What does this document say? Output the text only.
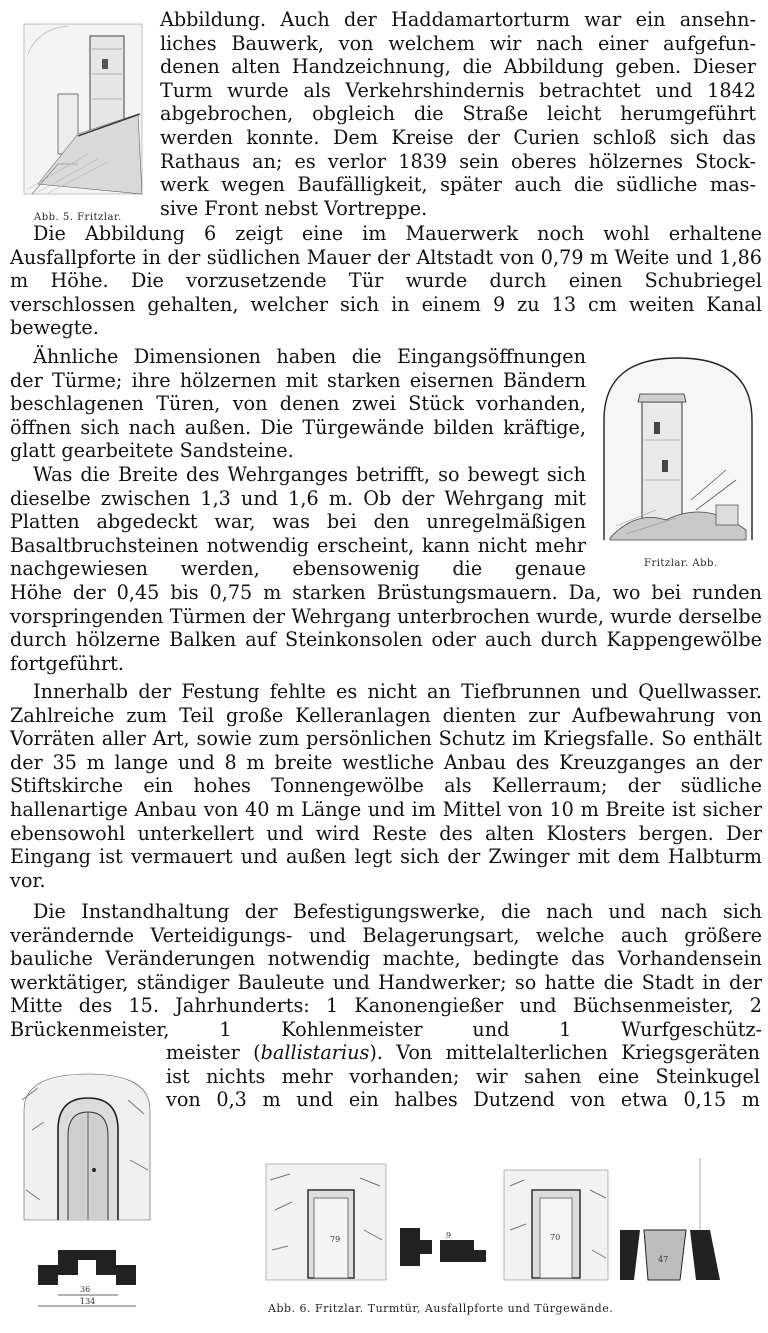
Abb. 5. Fritzlar.
Abbildung. Auch der Haddamartorturm war ein ansehn-
liches Bauwerk, von welchem wir nach einer aufgefun-
denen alten Handzeichnung, die Abbildung geben. Dieser
Turm wurde als Verkehrshindernis betrachtet und 1842
abgebrochen, obgleich die Straße leicht herumgeführt
werden konnte. Dem Kreise der Curien schloß sich das
Rathaus an; es verlor 1839 sein oberes hölzernes Stock-
werk wegen Baufälligkeit, später auch die südliche mas-
sive Front nebst Vortreppe.

Die Abbildung 6 zeigt eine im Mauerwerk noch wohl erhaltene Ausfallpforte in der südlichen Mauer der Altstadt von 0,79 m Weite und 1,86 m Höhe. Die vorzusetzende Tür wurde durch einen Schubriegel verschlossen gehalten, welcher sich in einem 9 zu 13 cm weiten Kanal bewegte.

Fritzlar. Abb.

Ähnliche Dimensionen haben die Eingangsöffnungen der Türme; ihre hölzernen mit starken eisernen Bändern beschlagenen Türen, von denen zwei Stück vorhanden, öffnen sich nach außen. Die Türgewände bilden kräftige, glatt gearbeitete Sandsteine.

Was die Breite des Wehrganges betrifft, so bewegt sich dieselbe zwischen 1,3 und 1,6 m. Ob der Wehrgang mit Platten abgedeckt war, was bei den unregelmäßigen Basaltbruchsteinen notwendig erscheint, kann nicht mehr nachgewiesen werden, ebensowenig die genaue

Höhe der 0,45 bis 0,75 m starken Brüstungsmauern. Da, wo bei runden vorspringenden Türmen der Wehrgang unterbrochen wurde, wurde derselbe durch hölzerne Balken auf Steinkonsolen oder auch durch Kappengewölbe fortgeführt.

Innerhalb der Festung fehlte es nicht an Tiefbrunnen und Quellwasser. Zahlreiche zum Teil große Kelleranlagen dienten zur Aufbewahrung von Vorräten aller Art, sowie zum persönlichen Schutz im Kriegsfalle. So enthält der 35 m lange und 8 m breite westliche Anbau des Kreuzganges an der Stiftskirche ein hohes Tonnengewölbe als Kellerraum; der südliche hallenartige Anbau von 40 m Länge und im Mittel von 10 m Breite ist sicher ebensowohl unterkellert und wird Reste des alten Klosters bergen. Der Eingang ist vermauert und außen legt sich der Zwinger mit dem Halbturm vor.

Die Instandhaltung der Befestigungswerke, die nach und nach sich verändernde Verteidigungs- und Belagerungsart, welche auch größere bauliche Veränderungen notwendig machte, bedingte das Vorhandensein werktätiger, ständiger Bauleute und Handwerker; so hatte die Stadt in der Mitte des 15. Jahrhunderts: 1 Kanonengießer und Büchsenmeister, 2 Brückenmeister, 1 Kohlenmeister und 1 Wurfgeschütz-

meister (ballistarius). Von mittelalterlichen Kriegsgeräten
ist nichts mehr vorhanden; wir sahen eine Steinkugel
von 0,3 m und ein halbes Dutzend von etwa 0,15 m
36
134
79	9	70
47
Abb. 6. Fritzlar. Turmtür, Ausfallpforte und Türgewände.
